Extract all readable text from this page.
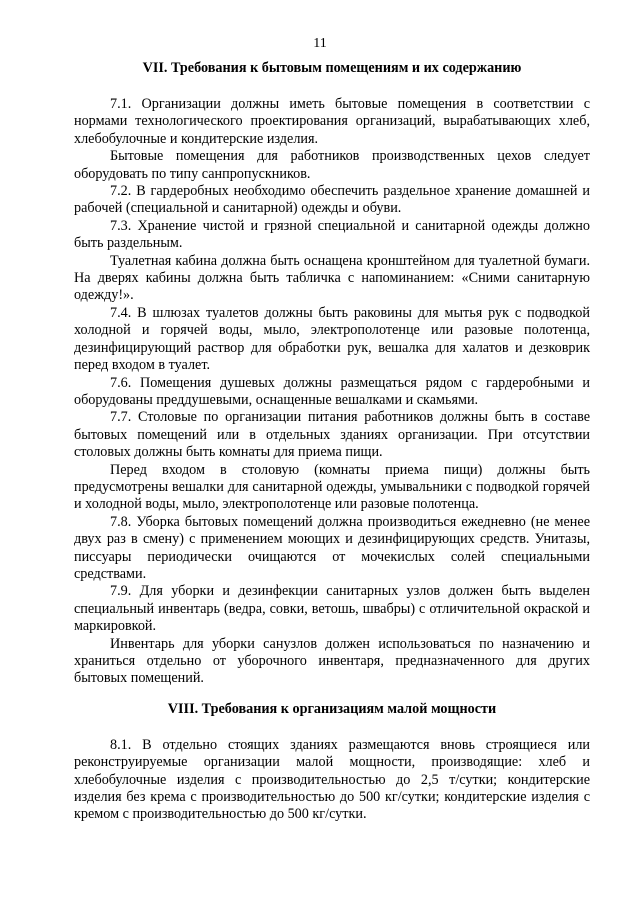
11
VII. Требования к бытовым помещениям и их содержанию

7.1. Организации должны иметь бытовые помещения в соответствии с нормами технологического проектирования организаций, вырабатывающих хлеб, хлебобулочные и кондитерские изделия.

Бытовые помещения для работников производственных цехов следует оборудовать по типу санпропускников.

7.2. В гардеробных необходимо обеспечить раздельное хранение домашней и рабочей (специальной и санитарной) одежды и обуви.

7.3. Хранение чистой и грязной специальной и санитарной одежды должно быть раздельным.

Туалетная кабина должна быть оснащена кронштейном для туалетной бумаги. На дверях кабины должна быть табличка с напоминанием: «Сними санитарную одежду!».

7.4. В шлюзах туалетов должны быть раковины для мытья рук с подводкой холодной и горячей воды, мыло, электрополотенце или разовые полотенца, дезинфицирующий раствор для обработки рук, вешалка для халатов и дезковрик перед входом в туалет.

7.6. Помещения душевых должны размещаться рядом с гардеробными и оборудованы преддушевыми, оснащенные вешалками и скамьями.

7.7. Столовые по организации питания работников должны быть в составе бытовых помещений или в отдельных зданиях организации. При отсутствии столовых должны быть комнаты для приема пищи.

Перед входом в столовую (комнаты приема пищи) должны быть предусмотрены вешалки для санитарной одежды, умывальники с подводкой горячей и холодной воды, мыло, электрополотенце или разовые полотенца.

7.8. Уборка бытовых помещений должна производиться ежедневно (не менее двух раз в смену) с применением моющих и дезинфицирующих средств. Унитазы, писсуары периодически очищаются от мочекислых солей специальными средствами.

7.9. Для уборки и дезинфекции санитарных узлов должен быть выделен специальный инвентарь (ведра, совки, ветошь, швабры) с отличительной окраской и маркировкой.

Инвентарь для уборки санузлов должен использоваться по назначению и храниться отдельно от уборочного инвентаря, предназначенного для других бытовых помещений.

VIII. Требования к организациям малой мощности

8.1. В отдельно стоящих зданиях размещаются вновь строящиеся или реконструируемые организации малой мощности, производящие: хлеб и хлебобулочные изделия с производительностью до 2,5 т/сутки; кондитерские изделия без крема с производительностью до 500 кг/сутки; кондитерские изделия с кремом с производительностью до 500 кг/сутки.
